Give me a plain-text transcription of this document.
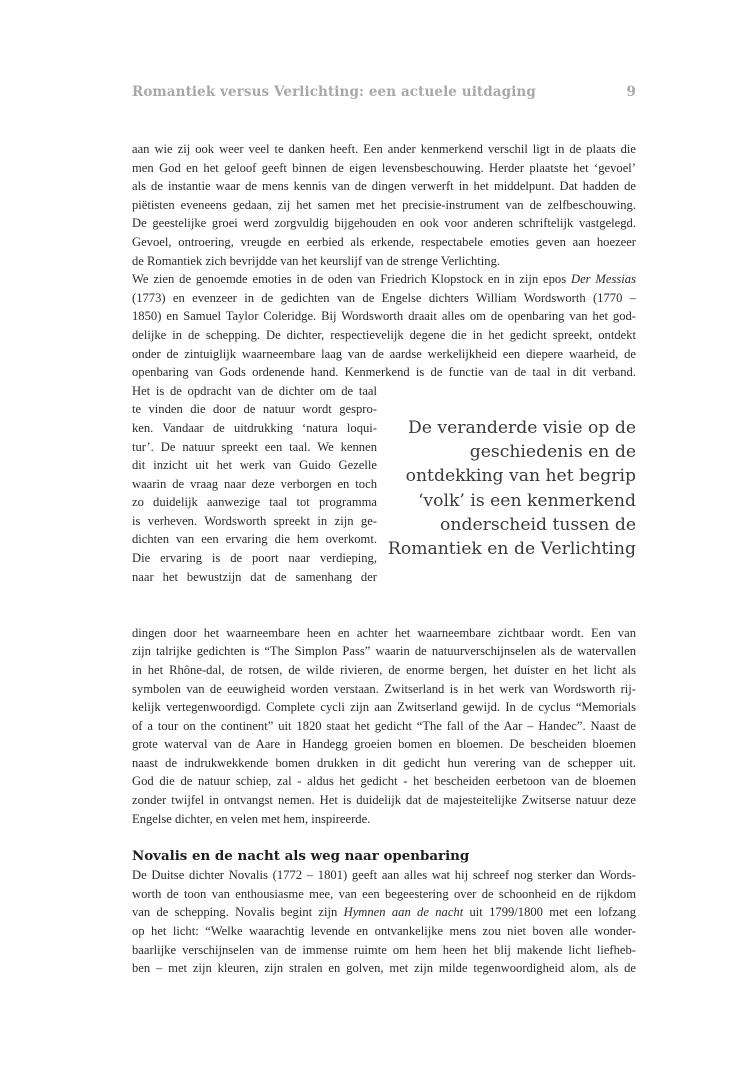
Romantiek versus Verlichting: een actuele uitdaging	9
aan wie zij ook weer veel te danken heeft. Een ander kenmerkend verschil ligt in de plaats die
men God en het geloof geeft binnen de eigen levensbeschouwing. Herder plaatste het ‘gevoel’
als de instantie waar de mens kennis van de dingen verwerft in het middelpunt. Dat hadden de
piëtisten eveneens gedaan, zij het samen met het precisie-instrument van de zelfbeschouwing.
De geestelijke groei werd zorgvuldig bijgehouden en ook voor anderen schriftelijk vastgelegd.
Gevoel, ontroering, vreugde en eerbied als erkende, respectabele emoties geven aan hoezeer
de Romantiek zich bevrijdde van het keurslijf van de strenge Verlichting.
We zien de genoemde emoties in de oden van Friedrich Klopstock en in zijn epos Der Messias
(1773) en evenzeer in de gedichten van de Engelse dichters William Wordsworth (1770 –
1850) en Samuel Taylor Coleridge. Bij Wordsworth draait alles om de openbaring van het god-
delijke in de schepping. De dichter, respectievelijk degene die in het gedicht spreekt, ontdekt
onder de zintuiglijk waarneembare laag van de aardse werkelijkheid een diepere waarheid, de
openbaring van Gods ordenende hand. Kenmerkend is de functie van de taal in dit verband.
Het is de opdracht van de dichter om de taal
te vinden die door de natuur wordt gespro-
ken. Vandaar de uitdrukking ‘natura loqui-
tur’. De natuur spreekt een taal. We kennen
dit inzicht uit het werk van Guido Gezelle
waarin de vraag naar deze verborgen en toch
zo duidelijk aanwezige taal tot programma
is verheven. Wordsworth spreekt in zijn ge-
dichten van een ervaring die hem overkomt.
Die ervaring is de poort naar verdieping,
naar het bewustzijn dat de samenhang der
dingen door het waarneembare heen en achter het waarneembare zichtbaar wordt. Een van
zijn talrijke gedichten is “The Simplon Pass” waarin de natuurverschijnselen als de watervallen
in het Rhône-dal, de rotsen, de wilde rivieren, de enorme bergen, het duister en het licht als
symbolen van de eeuwigheid worden verstaan. Zwitserland is in het werk van Wordsworth rij-
kelijk vertegenwoordigd. Complete cycli zijn aan Zwitserland gewijd. In de cyclus “Memorials
of a tour on the continent” uit 1820 staat het gedicht “The fall of the Aar – Handec”. Naast de
grote waterval van de Aare in Handegg groeien bomen en bloemen. De bescheiden bloemen
naast de indrukwekkende bomen drukken in dit gedicht hun verering van de schepper uit.
God die de natuur schiep, zal - aldus het gedicht - het bescheiden eerbetoon van de bloemen
zonder twijfel in ontvangst nemen. Het is duidelijk dat de majesteitelijke Zwitserse natuur deze
Engelse dichter, en velen met hem, inspireerde.
Novalis en de nacht als weg naar openbaring
De Duitse dichter Novalis (1772 – 1801) geeft aan alles wat hij schreef nog sterker dan Words-
worth de toon van enthousiasme mee, van een begeestering over de schoonheid en de rijkdom
van de schepping. Novalis begint zijn Hymnen aan de nacht uit 1799/1800 met een lofzang
op het licht: “Welke waarachtig levende en ontvankelijke mens zou niet boven alle wonder-
baarlijke verschijnselen van de immense ruimte om hem heen het blij makende licht liefheb-
ben – met zijn kleuren, zijn stralen en golven, met zijn milde tegenwoordigheid alom, als de
De veranderde visie op de geschiedenis en de ontdekking van het begrip ‘volk’ is een kenmerkend onderscheid tussen de Romantiek en de Verlichting
